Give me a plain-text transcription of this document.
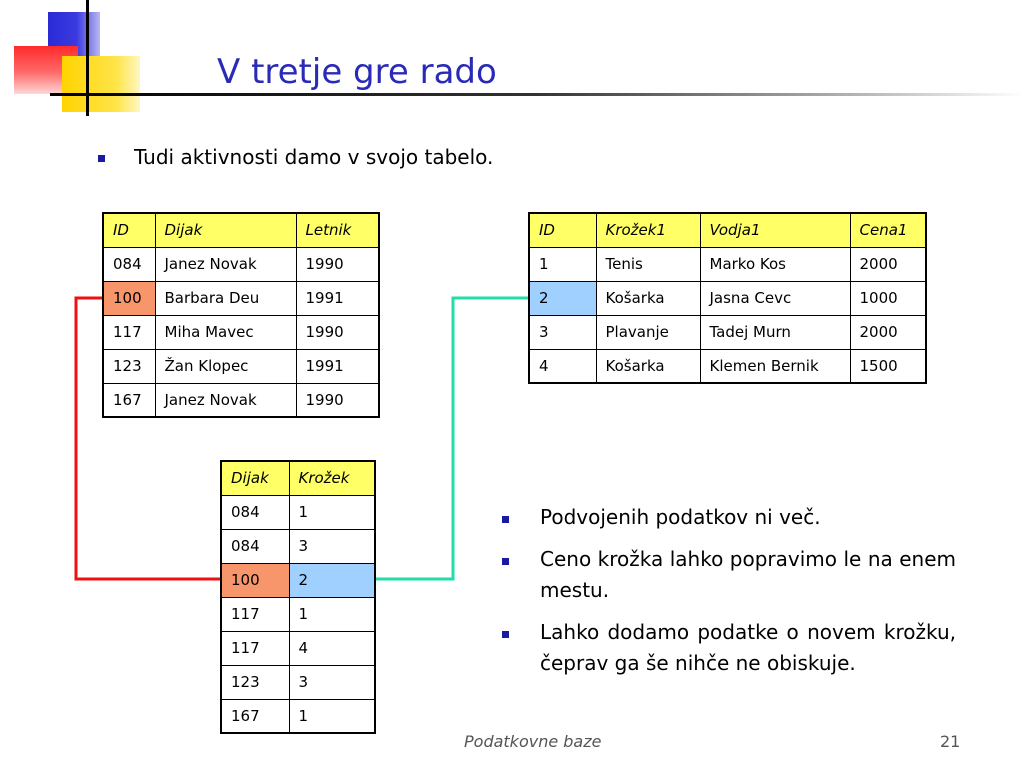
V tretje gre rado

Tudi aktivnosti damo v svojo tabelo.

ID	Dijak	Letnik
084	Janez Novak	1990
100	Barbara Deu	1991
117	Miha Mavec	1990
123	Žan Klopec	1991
167	Janez Novak	1990
ID	Krožek1	Vodja1	Cena1
1	Tenis	Marko Kos	2000
2	Košarka	Jasna Cevc	1000
3	Plavanje	Tadej Murn	2000
4	Košarka	Klemen Bernik	1500
Dijak	Krožek
084	1
084	3
100	2
117	1
117	4
123	3
167	1
Podvojenih podatkov ni več.
Ceno krožka lahko popravimo le na enem mestu.
Lahko dodamo podatke o novem krožku, čeprav ga še nihče ne obiskuje.
Podatkovne baze	21
